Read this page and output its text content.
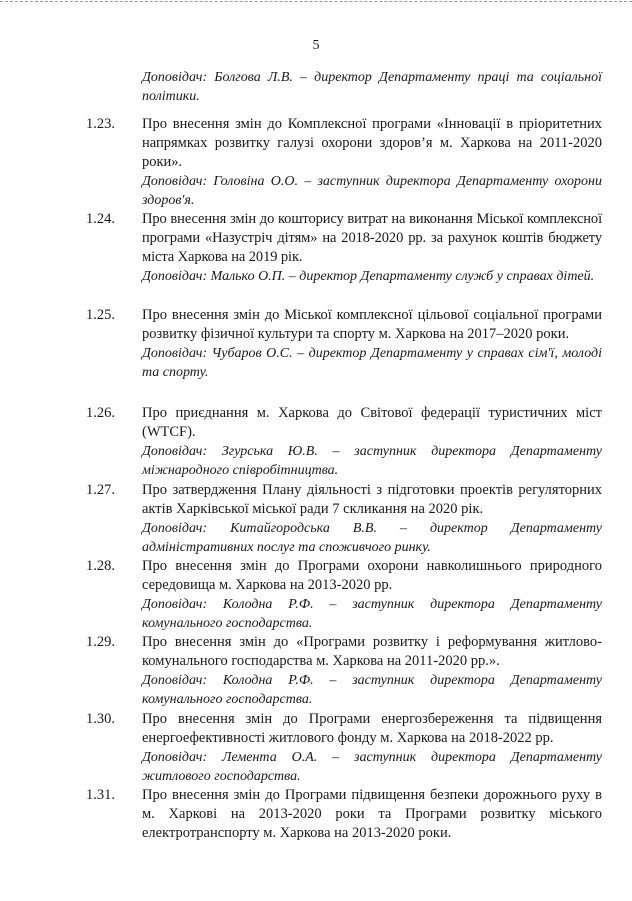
5
Доповідач: Болгова Л.В. – директор Департаменту праці та соціальної політики.
1.23. Про внесення змін до Комплексної програми «Інновації в пріоритетних напрямках розвитку галузі охорони здоров’я м. Харкова на 2011-2020 роки».
Доповідач: Головіна О.О. – заступник директора Департаменту охорони здоров'я.
1.24. Про внесення змін до кошторису витрат на виконання Міської комплексної програми «Назустріч дітям» на 2018-2020 рр. за рахунок коштів бюджету міста Харкова на 2019 рік.
Доповідач: Малько О.П. – директор Департаменту служб у справах дітей.
1.25. Про внесення змін до Міської комплексної цільової соціальної програми розвитку фізичної культури та спорту м. Харкова на 2017–2020 роки.
Доповідач: Чубаров О.С. – директор Департаменту у справах сім'ї, молоді та спорту.
1.26. Про приєднання м. Харкова до Світової федерації туристичних міст (WTCF).
Доповідач: Згурська Ю.В. – заступник директора Департаменту міжнародного співробітництва.
1.27. Про затвердження Плану діяльності з підготовки проектів регуляторних актів Харківської міської ради 7 скликання на 2020 рік.
Доповідач: Китайгородська В.В. – директор Департаменту адміністративних послуг та споживчого ринку.
1.28. Про внесення змін до Програми охорони навколишнього природного середовища м. Харкова на 2013-2020 рр.
Доповідач: Колодна Р.Ф. – заступник директора Департаменту комунального господарства.
1.29. Про внесення змін до «Програми розвитку і реформування житлово-комунального господарства м. Харкова на 2011-2020 рр.».
Доповідач: Колодна Р.Ф. – заступник директора Департаменту комунального господарства.
1.30. Про внесення змін до Програми енергозбереження та підвищення енергоефективності житлового фонду м. Харкова на 2018-2022 рр.
Доповідач: Лемента О.А. – заступник директора Департаменту житлового господарства.
1.31. Про внесення змін до Програми підвищення безпеки дорожнього руху в м. Харкові на 2013-2020 роки та Програми розвитку міського електротранспорту м. Харкова на 2013-2020 роки.
